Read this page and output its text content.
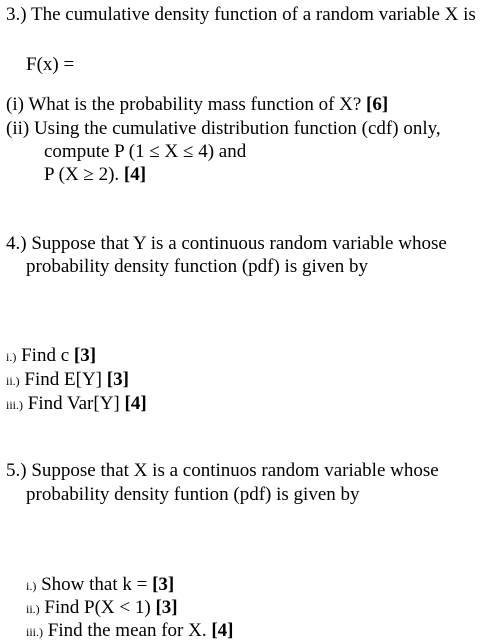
3.) The cumulative density function of a random variable X is
F(x) =
(i) What is the probability mass function of X? [6]
(ii) Using the cumulative distribution function (cdf) only,
compute P (1 ≤ X ≤ 4) and
P (X ≥ 2). [4]
4.) Suppose that Y is a continuous random variable whose
probability density function (pdf) is given by
i.) Find c [3]
ii.) Find E[Y] [3]
iii.) Find Var[Y] [4]
5.) Suppose that X is a continuos random variable whose
probability density funtion (pdf) is given by
i.) Show that k = [3]
ii.) Find P(X < 1) [3]
iii.) Find the mean for X. [4]
